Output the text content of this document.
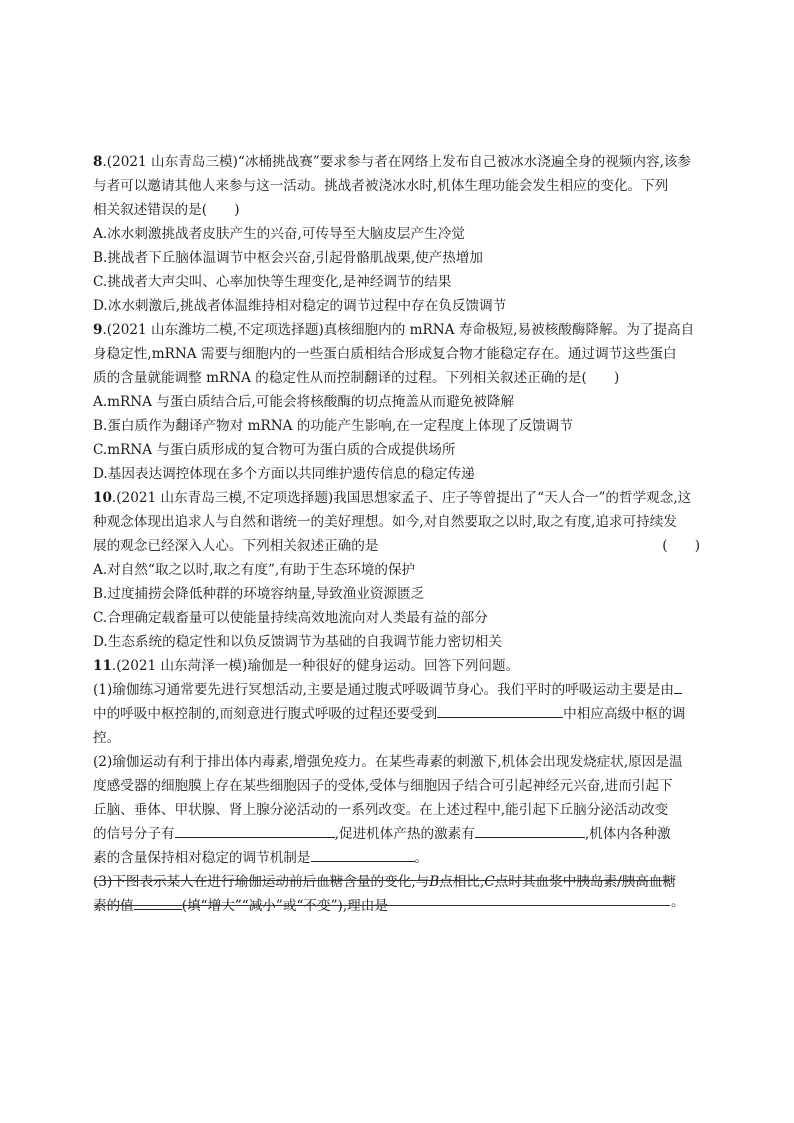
8.(2021 山东青岛三模)“冰桶挑战赛”要求参与者在网络上发布自己被冰水浇遍全身的视频内容,该参
与者可以邀请其他人来参与这一活动。挑战者被浇冰水时,机体生理功能会发生相应的变化。下列
相关叙述错误的是(　　)
A.冰水刺激挑战者皮肤产生的兴奋,可传导至大脑皮层产生冷觉
B.挑战者下丘脑体温调节中枢会兴奋,引起骨骼肌战栗,使产热增加
C.挑战者大声尖叫、心率加快等生理变化,是神经调节的结果
D.冰水刺激后,挑战者体温维持相对稳定的调节过程中存在负反馈调节
9.(2021 山东潍坊二模,不定项选择题)真核细胞内的 mRNA 寿命极短,易被核酸酶降解。为了提高自
身稳定性,mRNA 需要与细胞内的一些蛋白质相结合形成复合物才能稳定存在。通过调节这些蛋白
质的含量就能调整 mRNA 的稳定性从而控制翻译的过程。下列相关叙述正确的是(　　)
A.mRNA 与蛋白质结合后,可能会将核酸酶的切点掩盖从而避免被降解
B.蛋白质作为翻译产物对 mRNA 的功能产生影响,在一定程度上体现了反馈调节
C.mRNA 与蛋白质形成的复合物可为蛋白质的合成提供场所
D.基因表达调控体现在多个方面以共同维护遗传信息的稳定传递
10.(2021 山东青岛三模,不定项选择题)我国思想家孟子、庄子等曾提出了“天人合一”的哲学观念,这
种观念体现出追求人与自然和谐统一的美好理想。如今,对自然要取之以时,取之有度,追求可持续发
展的观念已经深入人心。下列相关叙述正确的是	(　　)
A.对自然“取之以时,取之有度”,有助于生态环境的保护
B.过度捕捞会降低种群的环境容纳量,导致渔业资源匮乏
C.合理确定载畜量可以使能量持续高效地流向对人类最有益的部分
D.生态系统的稳定性和以负反馈调节为基础的自我调节能力密切相关
11.(2021 山东菏泽一模)瑜伽是一种很好的健身运动。回答下列问题。
(1)瑜伽练习通常要先进行冥想活动,主要是通过腹式呼吸调节身心。我们平时的呼吸运动主要是由
中的呼吸中枢控制的,而刻意进行腹式呼吸的过程还要受到	中相应高级中枢的调
控。
(2)瑜伽运动有利于排出体内毒素,增强免疫力。在某些毒素的刺激下,机体会出现发烧症状,原因是温
度感受器的细胞膜上存在某些细胞因子的受体,受体与细胞因子结合可引起神经元兴奋,进而引起下
丘脑、垂体、甲状腺、肾上腺分泌活动的一系列改变。在上述过程中,能引起下丘脑分泌活动改变
的信号分子有	,促进机体产热的激素有	,机体内各种激
素的含量保持相对稳定的调节机制是	。
(3)下图表示某人在进行瑜伽运动前后血糖含量的变化,与B点相比,C点时其血浆中胰岛素/胰高血糖
素的值	(填“增大”“减小”或“不变”),理由是	。
